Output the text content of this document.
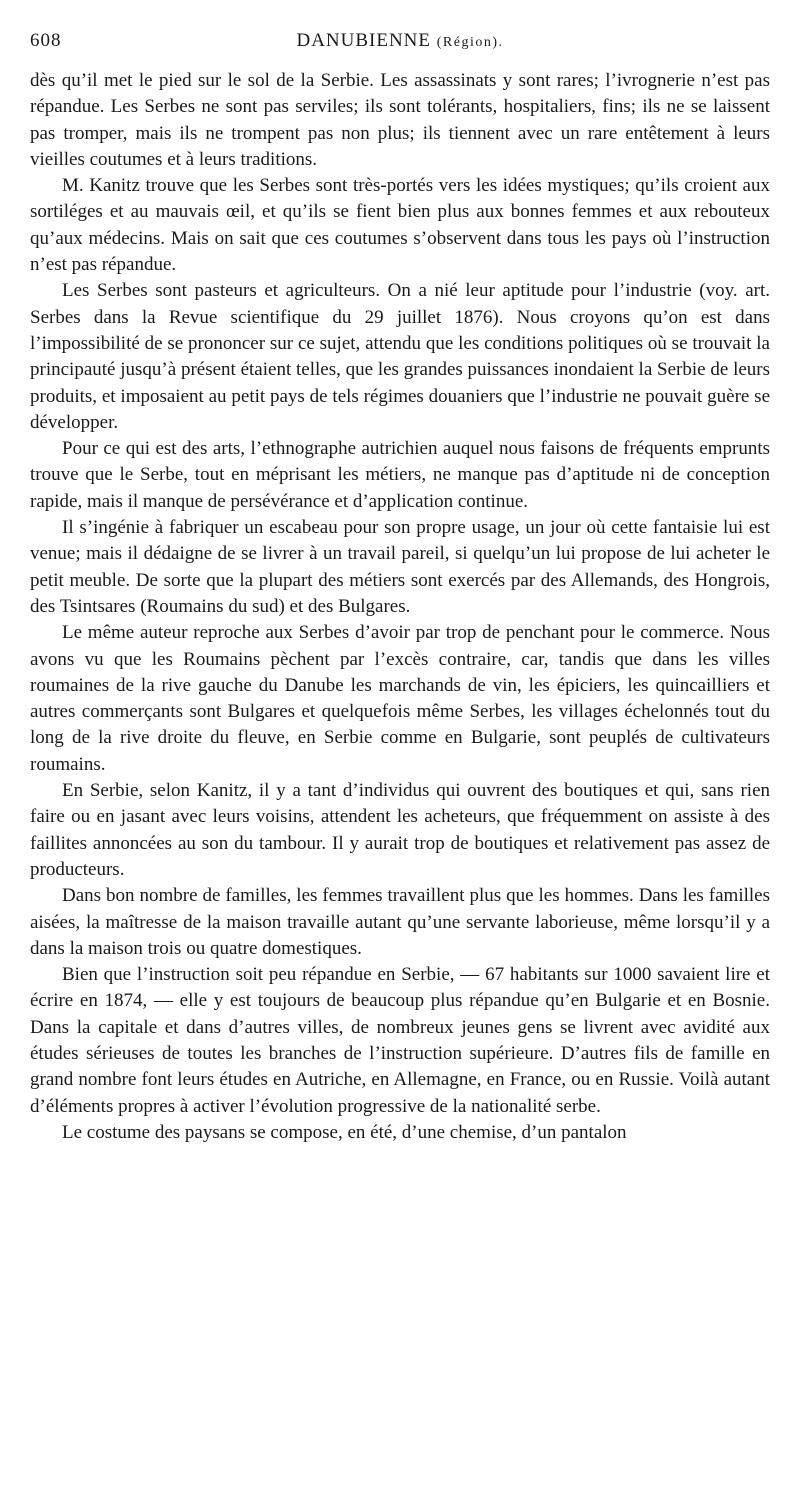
608	DANUBIENNE (Région).

dès qu’il met le pied sur le sol de la Serbie. Les assassinats y sont rares; l’ivrognerie n’est pas répandue. Les Serbes ne sont pas serviles; ils sont tolérants, hospitaliers, fins; ils ne se laissent pas tromper, mais ils ne trompent pas non plus; ils tiennent avec un rare entêtement à leurs vieilles coutumes et à leurs traditions.

M. Kanitz trouve que les Serbes sont très-portés vers les idées mystiques; qu’ils croient aux sortiléges et au mauvais œil, et qu’ils se fient bien plus aux bonnes femmes et aux rebouteux qu’aux médecins. Mais on sait que ces coutumes s’observent dans tous les pays où l’instruction n’est pas répandue.

Les Serbes sont pasteurs et agriculteurs. On a nié leur aptitude pour l’industrie (voy. art. Serbes dans la Revue scientifique du 29 juillet 1876). Nous croyons qu’on est dans l’impossibilité de se prononcer sur ce sujet, attendu que les conditions politiques où se trouvait la principauté jusqu’à présent étaient telles, que les grandes puissances inondaient la Serbie de leurs produits, et imposaient au petit pays de tels régimes douaniers que l’industrie ne pouvait guère se développer.

Pour ce qui est des arts, l’ethnographe autrichien auquel nous faisons de fréquents emprunts trouve que le Serbe, tout en méprisant les métiers, ne manque pas d’aptitude ni de conception rapide, mais il manque de persévérance et d’application continue.

Il s’ingénie à fabriquer un escabeau pour son propre usage, un jour où cette fantaisie lui est venue; mais il dédaigne de se livrer à un travail pareil, si quelqu’un lui propose de lui acheter le petit meuble. De sorte que la plupart des métiers sont exercés par des Allemands, des Hongrois, des Tsintsares (Roumains du sud) et des Bulgares.

Le même auteur reproche aux Serbes d’avoir par trop de penchant pour le commerce. Nous avons vu que les Roumains pèchent par l’excès contraire, car, tandis que dans les villes roumaines de la rive gauche du Danube les marchands de vin, les épiciers, les quincailliers et autres commerçants sont Bulgares et quelquefois même Serbes, les villages échelonnés tout du long de la rive droite du fleuve, en Serbie comme en Bulgarie, sont peuplés de cultivateurs roumains.

En Serbie, selon Kanitz, il y a tant d’individus qui ouvrent des boutiques et qui, sans rien faire ou en jasant avec leurs voisins, attendent les acheteurs, que fréquemment on assiste à des faillites annoncées au son du tambour. Il y aurait trop de boutiques et relativement pas assez de producteurs.

Dans bon nombre de familles, les femmes travaillent plus que les hommes. Dans les familles aisées, la maîtresse de la maison travaille autant qu’une servante laborieuse, même lorsqu’il y a dans la maison trois ou quatre domestiques.

Bien que l’instruction soit peu répandue en Serbie, — 67 habitants sur 1000 savaient lire et écrire en 1874, — elle y est toujours de beaucoup plus répandue qu’en Bulgarie et en Bosnie. Dans la capitale et dans d’autres villes, de nombreux jeunes gens se livrent avec avidité aux études sérieuses de toutes les branches de l’instruction supérieure. D’autres fils de famille en grand nombre font leurs études en Autriche, en Allemagne, en France, ou en Russie. Voilà autant d’éléments propres à activer l’évolution progressive de la nationalité serbe.

Le costume des paysans se compose, en été, d’une chemise, d’un pantalon
